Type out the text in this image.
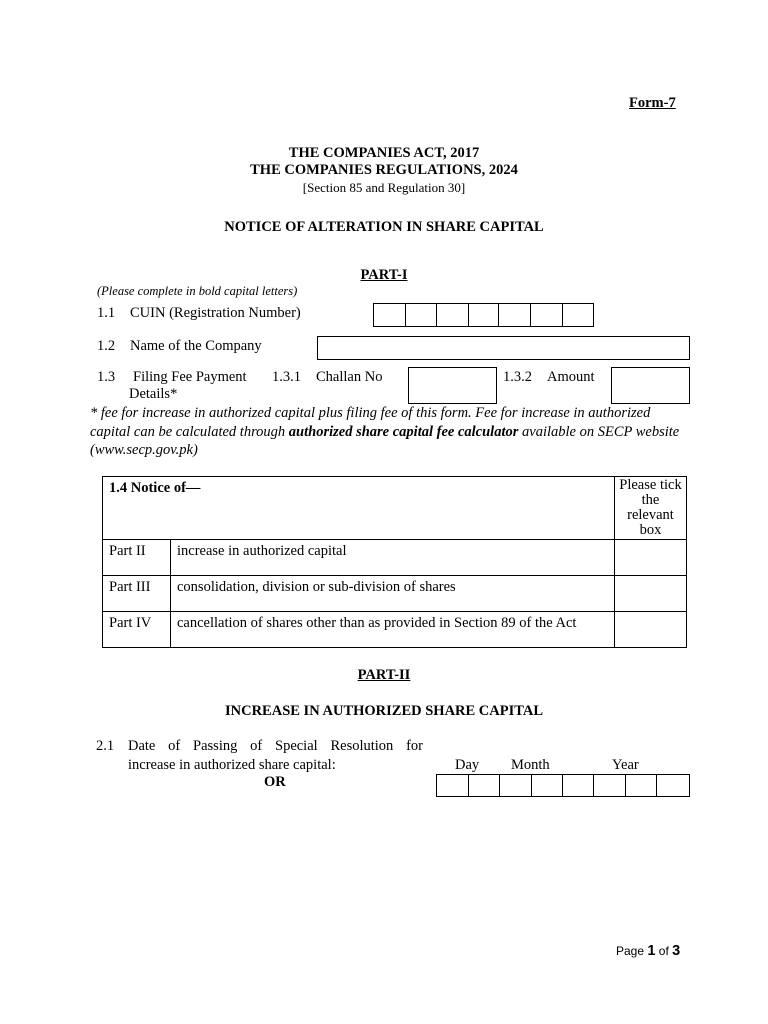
Form-7
THE COMPANIES ACT, 2017
THE COMPANIES REGULATIONS, 2024
[Section 85 and Regulation 30]
NOTICE OF ALTERATION IN SHARE CAPITAL
PART-I
(Please complete in bold capital letters)
1.1 CUIN (Registration Number)
1.2 Name of the Company
1.3 Filing Fee Payment
Details*
1.3.1 Challan No	1.3.2 Amount
* fee for increase in authorized capital plus filing fee of this form. Fee for increase in authorized capital can be calculated through authorized share capital fee calculator available on SECP website (www.secp.gov.pk)
1.4 Notice of—		Please tick the relevant box
Part II	increase in authorized capital	
Part III	consolidation, division or sub-division of shares	
Part IV	cancellation of shares other than as provided in Section 89 of the Act	
PART-II
INCREASE IN AUTHORIZED SHARE CAPITAL
2.1 Date of Passing of Special Resolution for
increase in authorized share capital:
OR
Day Month	Year
Page 1 of 3
